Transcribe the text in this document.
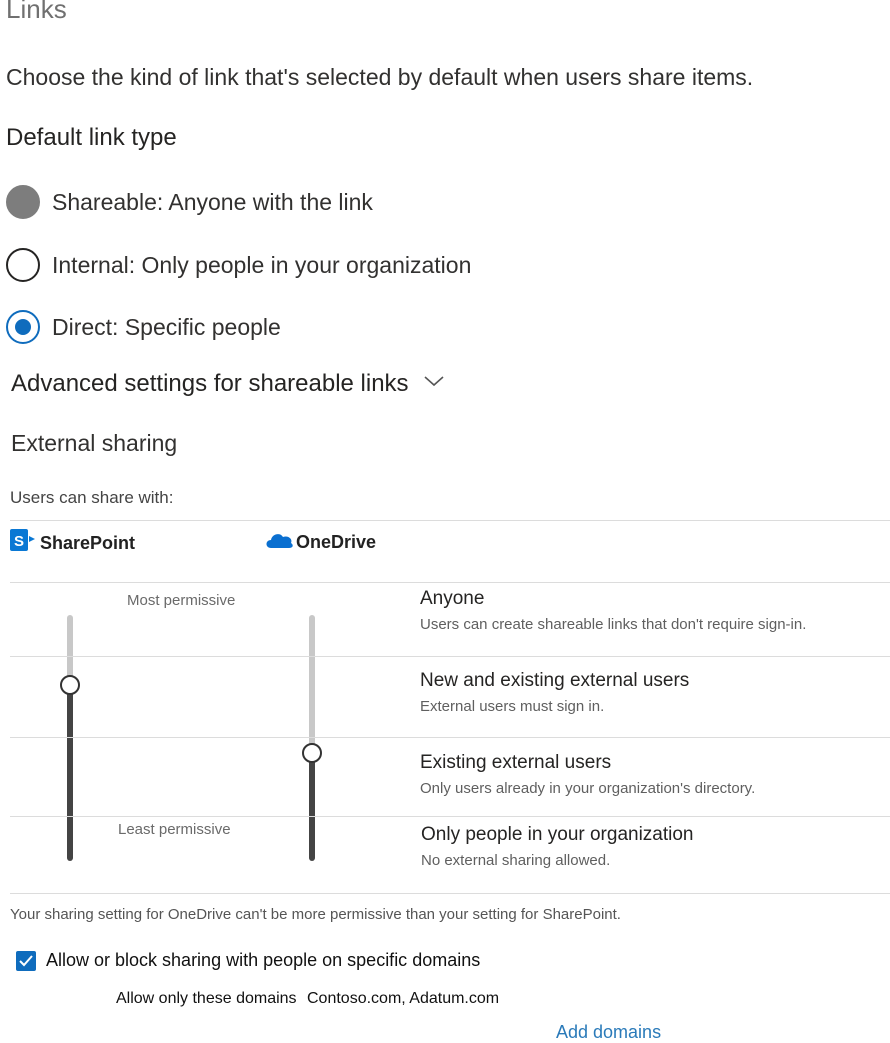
Links
Choose the kind of link that's selected by default when users share items.
Default link type
Shareable: Anyone with the link
Internal: Only people in your organization
Direct: Specific people
Advanced settings for shareable links
External sharing
Users can share with:
S SharePoint	OneDrive
Most permissive
Least permissive
Anyone
Users can create shareable links that don't require sign-in.
New and existing external users
External users must sign in.
Existing external users
Only users already in your organization's directory.
Only people in your organization
No external sharing allowed.
Your sharing setting for OneDrive can't be more permissive than your setting for SharePoint.
Allow or block sharing with people on specific domains
Allow only these domains Contoso.com, Adatum.com
Add domains
